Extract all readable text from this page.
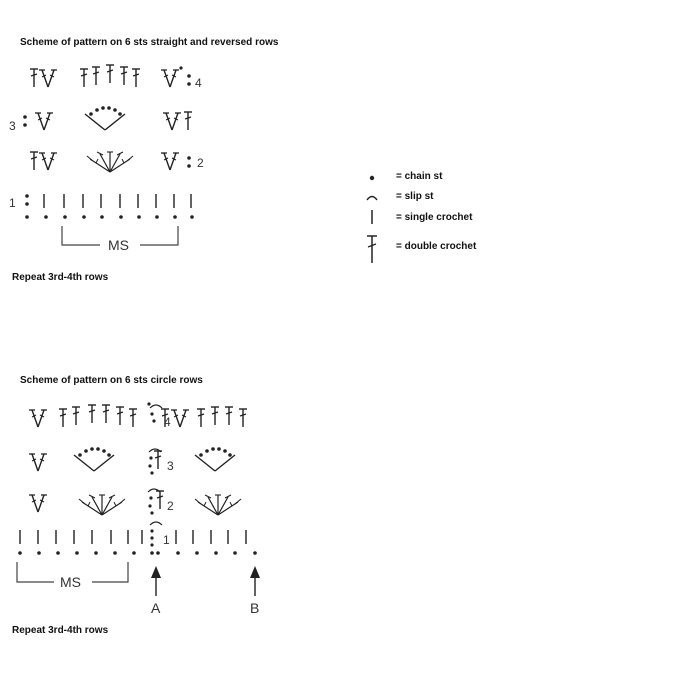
Scheme of pattern on 6 sts straight and reversed rows
Repeat 3rd-4th rows
Scheme of pattern on 6 sts circle rows
Repeat 3rd-4th rows
= chain st
= slip st
= single crochet
= double crochet
4
3
2
1
MS
4
3
2
1
MS
A	B
